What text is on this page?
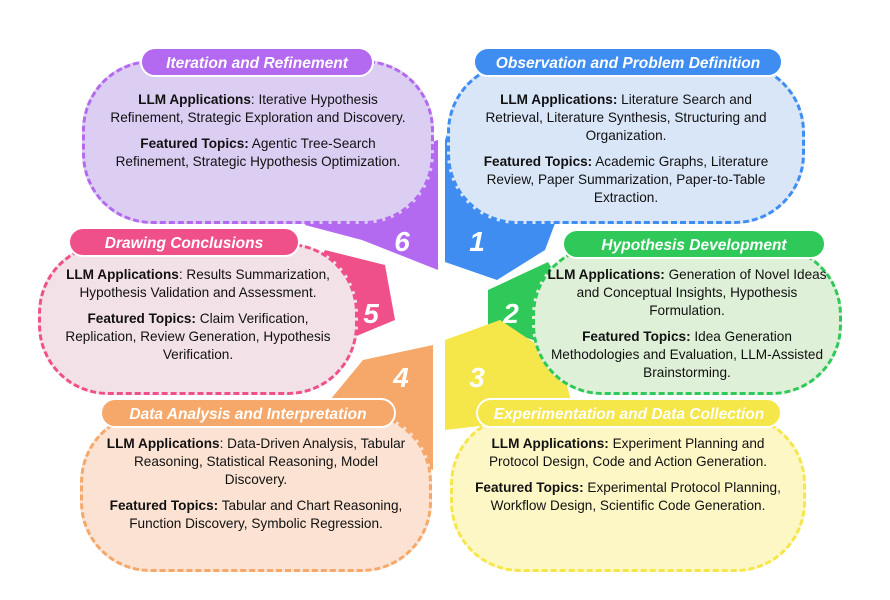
6	1
2
5
4	3

LLM Applications: Iterative Hypothesis Refinement, Strategic Exploration and Discovery.

Featured Topics: Agentic Tree-Search Refinement, Strategic Hypothesis Optimization.

Iteration and Refinement

LLM Applications: Literature Search and Retrieval, Literature Synthesis, Structuring and Organization.

Featured Topics: Academic Graphs, Literature Review, Paper Summarization, Paper-to-Table Extraction.

Observation and Problem Definition

LLM Applications: Results Summarization, Hypothesis Validation and Assessment.

Featured Topics: Claim Verification, Replication, Review Generation, Hypothesis Verification.

Drawing Conclusions

LLM Applications: Generation of Novel Ideas and Conceptual Insights, Hypothesis Formulation.

Featured Topics: Idea Generation Methodologies and Evaluation, LLM-Assisted Brainstorming.

Hypothesis Development

LLM Applications: Data-Driven Analysis, Tabular Reasoning, Statistical Reasoning, Model Discovery.

Featured Topics: Tabular and Chart Reasoning, Function Discovery, Symbolic Regression.

Data Analysis and Interpretation

LLM Applications: Experiment Planning and Protocol Design, Code and Action Generation.

Featured Topics: Experimental Protocol Planning, Workflow Design, Scientific Code Generation.

Experimentation and Data Collection
